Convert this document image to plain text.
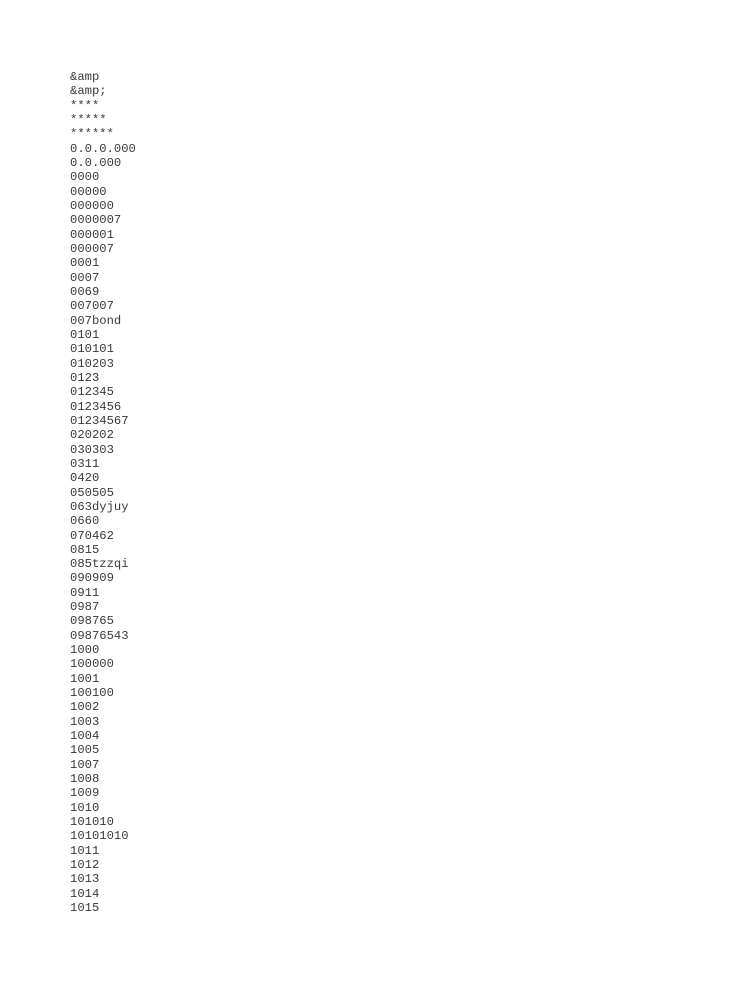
&amp
&amp;
****
*****
******
0.0.0.000
0.0.000
0000
00000
000000
0000007
000001
000007
0001
0007
0069
007007
007bond
0101
010101
010203
0123
012345
0123456
01234567
020202
030303
0311
0420
050505
063dyjuy
0660
070462
0815
085tzzqi
090909
0911
0987
098765
09876543
1000
100000
1001
100100
1002
1003
1004
1005
1007
1008
1009
1010
101010
10101010
1011
1012
1013
1014
1015
